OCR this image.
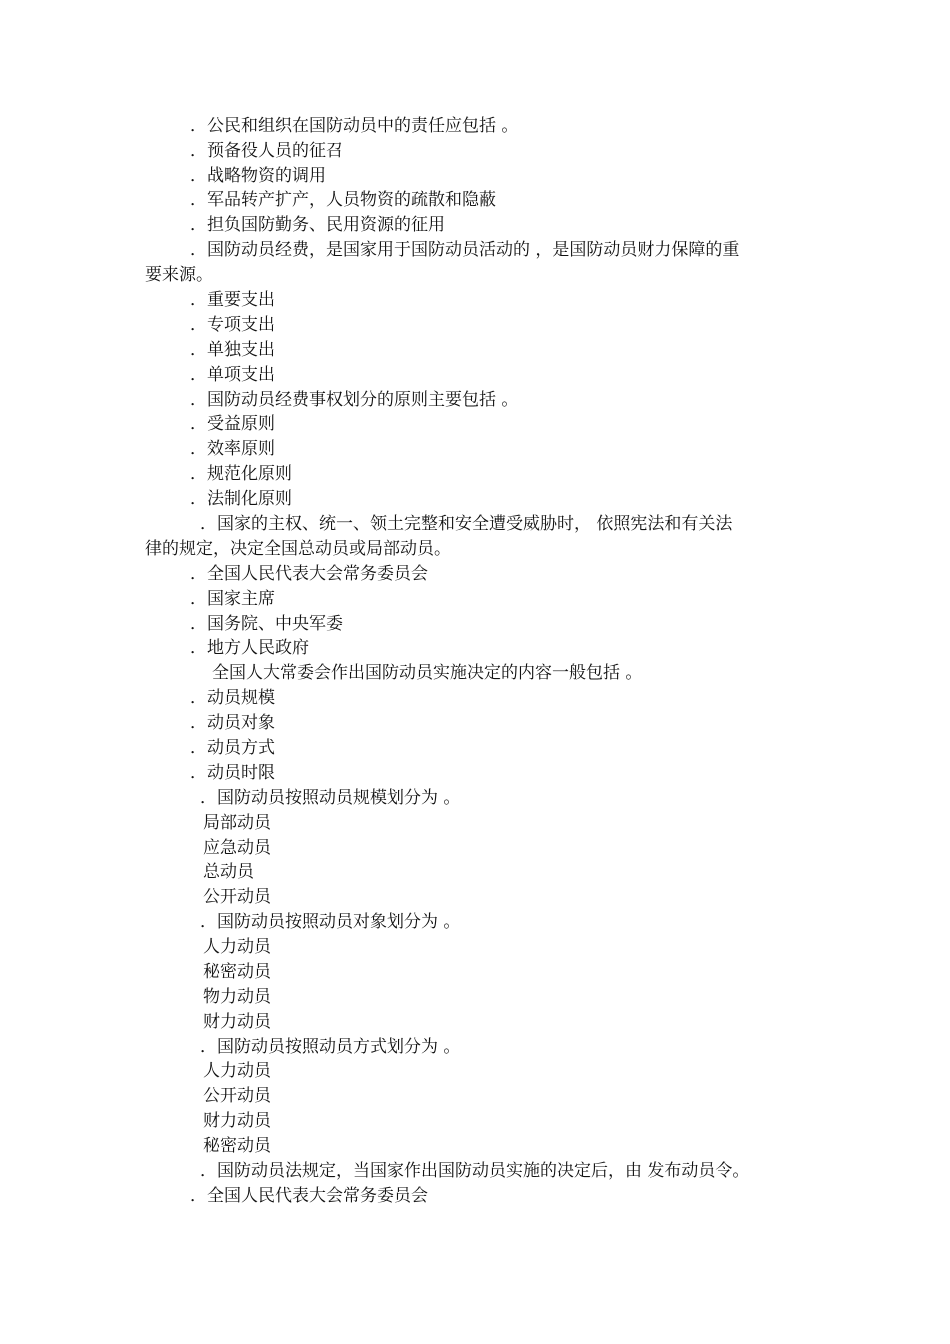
．公民和组织在国防动员中的责任应包括 。
．预备役人员的征召
．战略物资的调用
．军品转产扩产，人员物资的疏散和隐蔽
．担负国防勤务、民用资源的征用
．国防动员经费，是国家用于国防动员活动的 ，是国防动员财力保障的重
要来源。
．重要支出
．专项支出
．单独支出
．单项支出
．国防动员经费事权划分的原则主要包括 。
．受益原则
．效率原则
．规范化原则
．法制化原则
．国家的主权、统一、领土完整和安全遭受威胁时， 依照宪法和有关法
律的规定，决定全国总动员或局部动员。
．全国人民代表大会常务委员会
．国家主席
．国务院、中央军委
．地方人民政府
全国人大常委会作出国防动员实施决定的内容一般包括 。
．动员规模
．动员对象
．动员方式
．动员时限
．国防动员按照动员规模划分为 。
局部动员
应急动员
总动员
公开动员
．国防动员按照动员对象划分为 。
人力动员
秘密动员
物力动员
财力动员
．国防动员按照动员方式划分为 。
人力动员
公开动员
财力动员
秘密动员
．国防动员法规定，当国家作出国防动员实施的决定后，由 发布动员令。
．全国人民代表大会常务委员会
